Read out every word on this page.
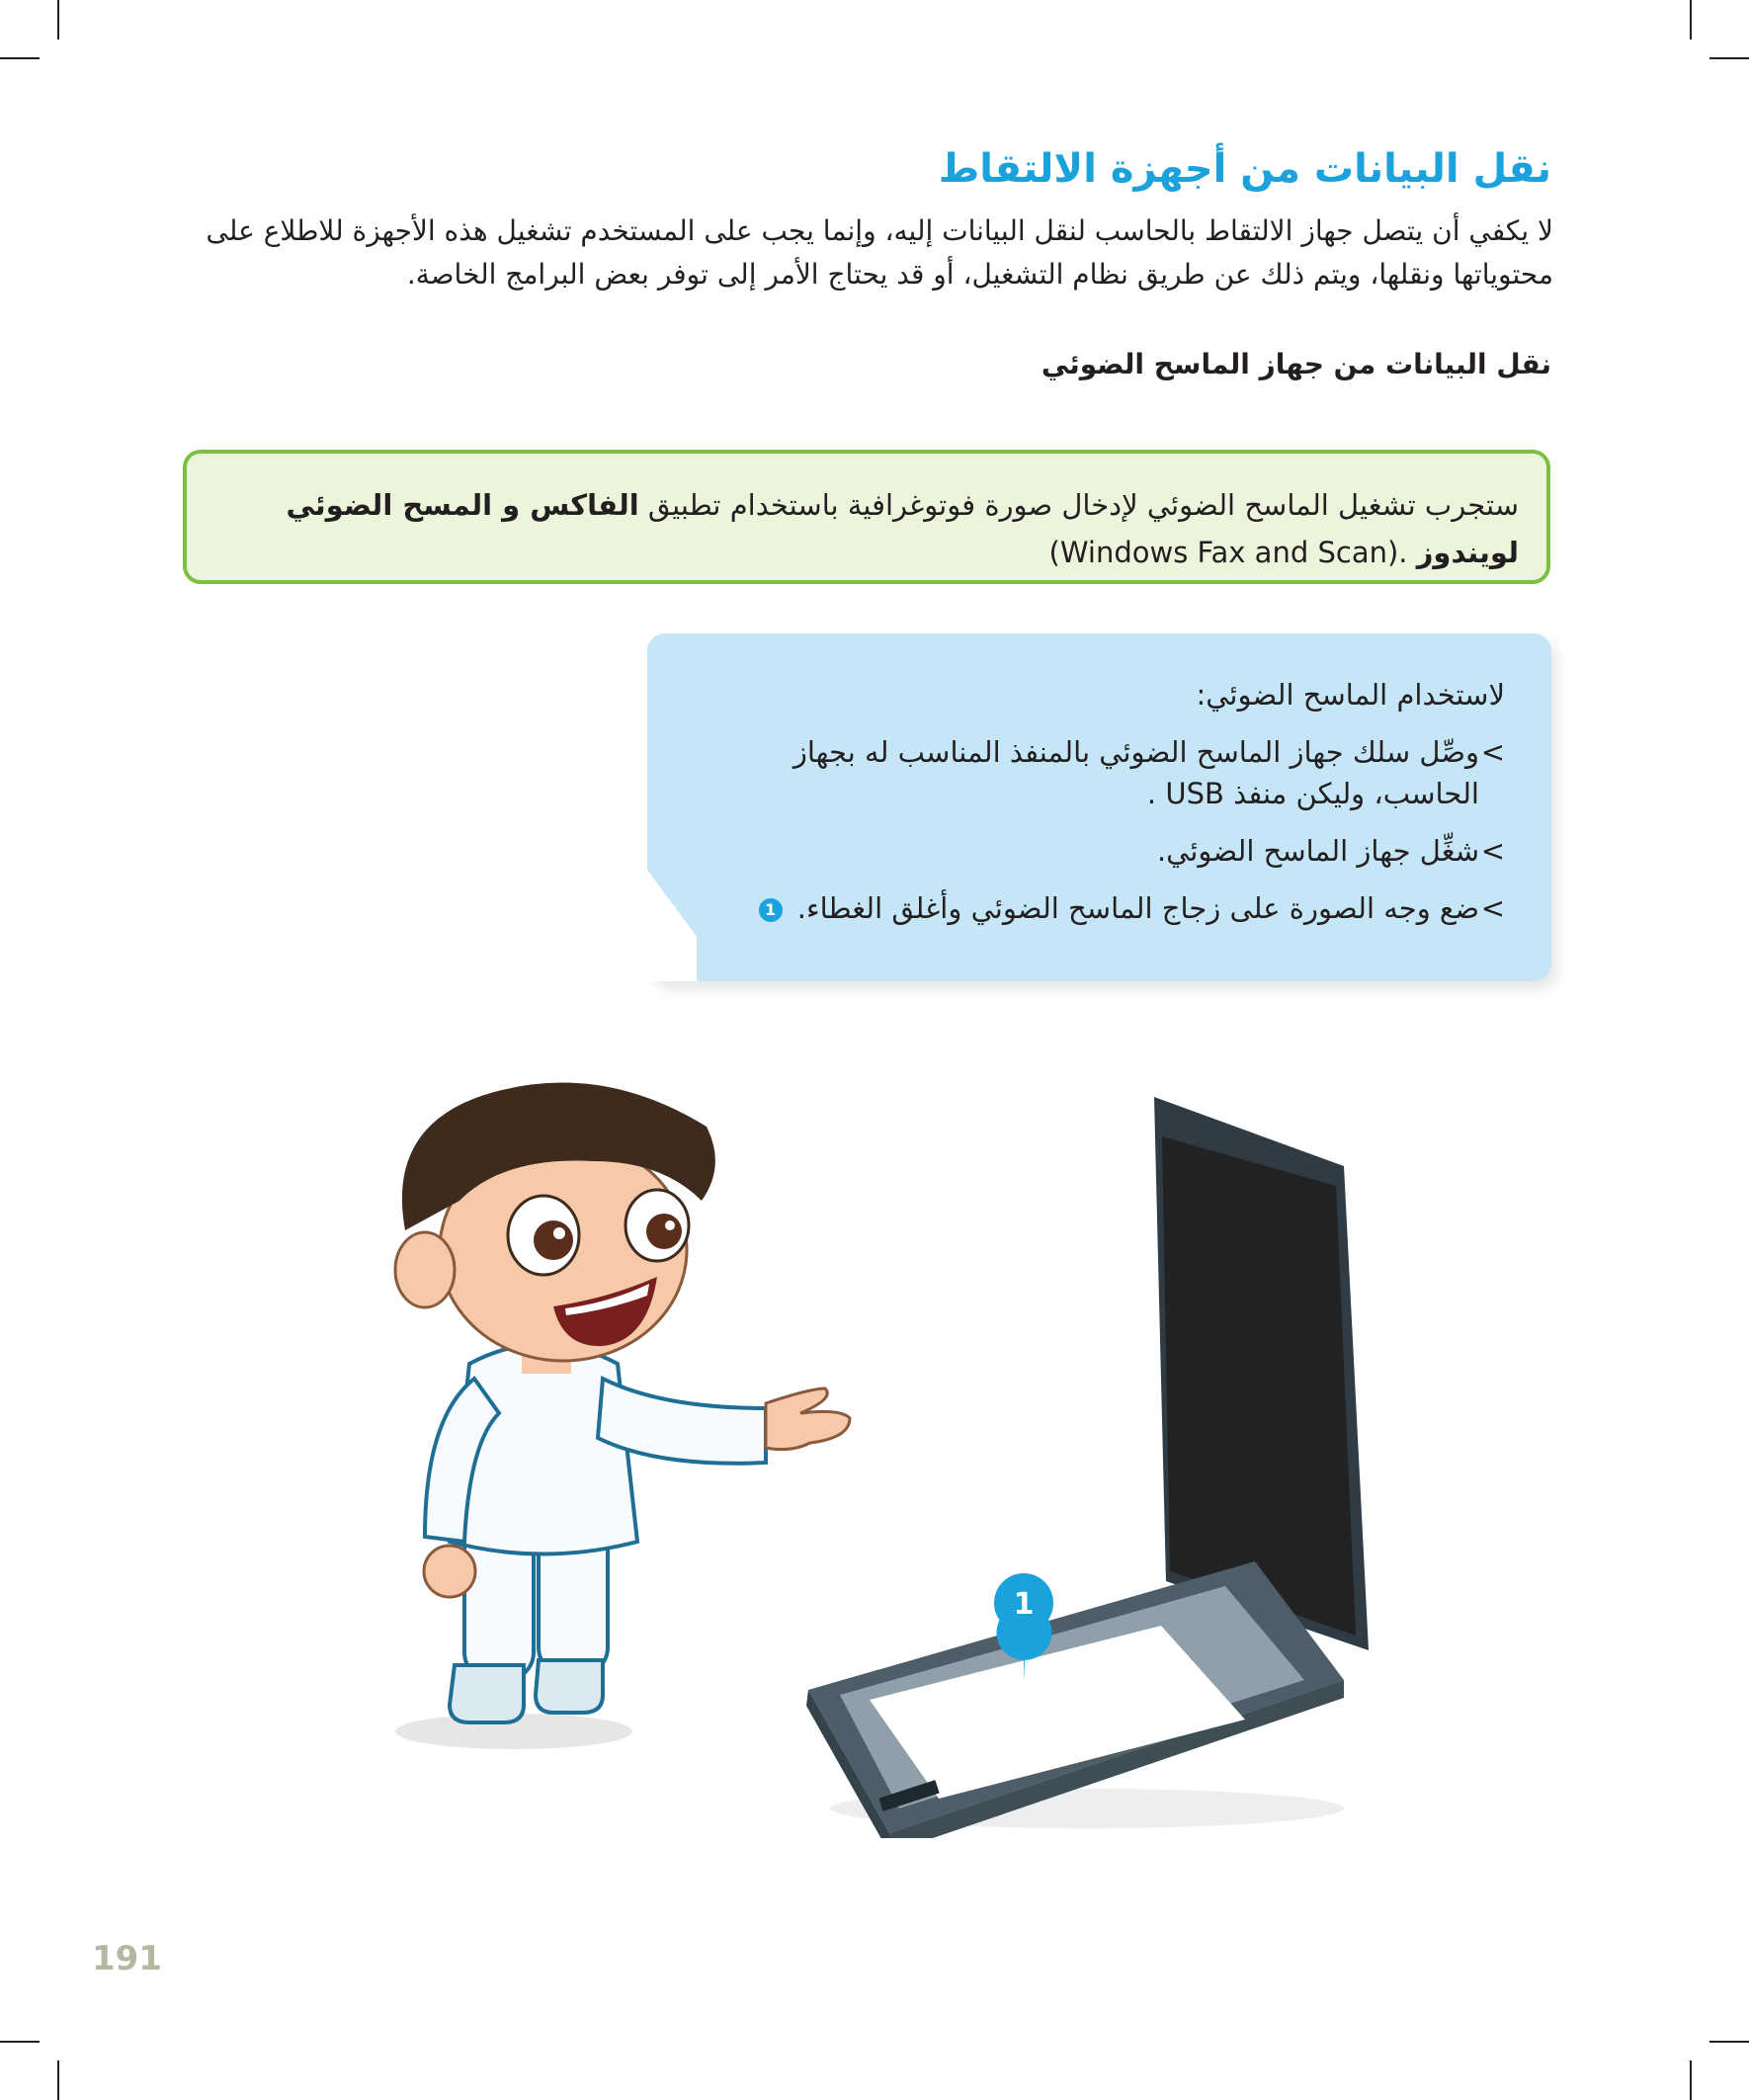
نقل البيانات من أجهزة الالتقاط

لا يكفي أن يتصل جهاز الالتقاط بالحاسب لنقل البيانات إليه، وإنما يجب على المستخدم تشغيل هذه الأجهزة للاطلاع على محتوياتها ونقلها، ويتم ذلك عن طريق نظام التشغيل، أو قد يحتاج الأمر إلى توفر بعض البرامج الخاصة.

نقل البيانات من جهاز الماسح الضوئي
ستجرب تشغيل الماسح الضوئي لإدخال صورة فوتوغرافية باستخدام تطبيق الفاكس و المسح الضوئي لويندوز (Windows Fax and Scan).

لاستخدام الماسح الضوئي:

>
وصِّل سلك جهاز الماسح الضوئي بالمنفذ المناسب له بجهاز الحاسب، وليكن منفذ USB .

>
شغِّل جهاز الماسح الضوئي.

>
ضع وجه الصورة على زجاج الماسح الضوئي وأغلق الغطاء. 1

1
191
